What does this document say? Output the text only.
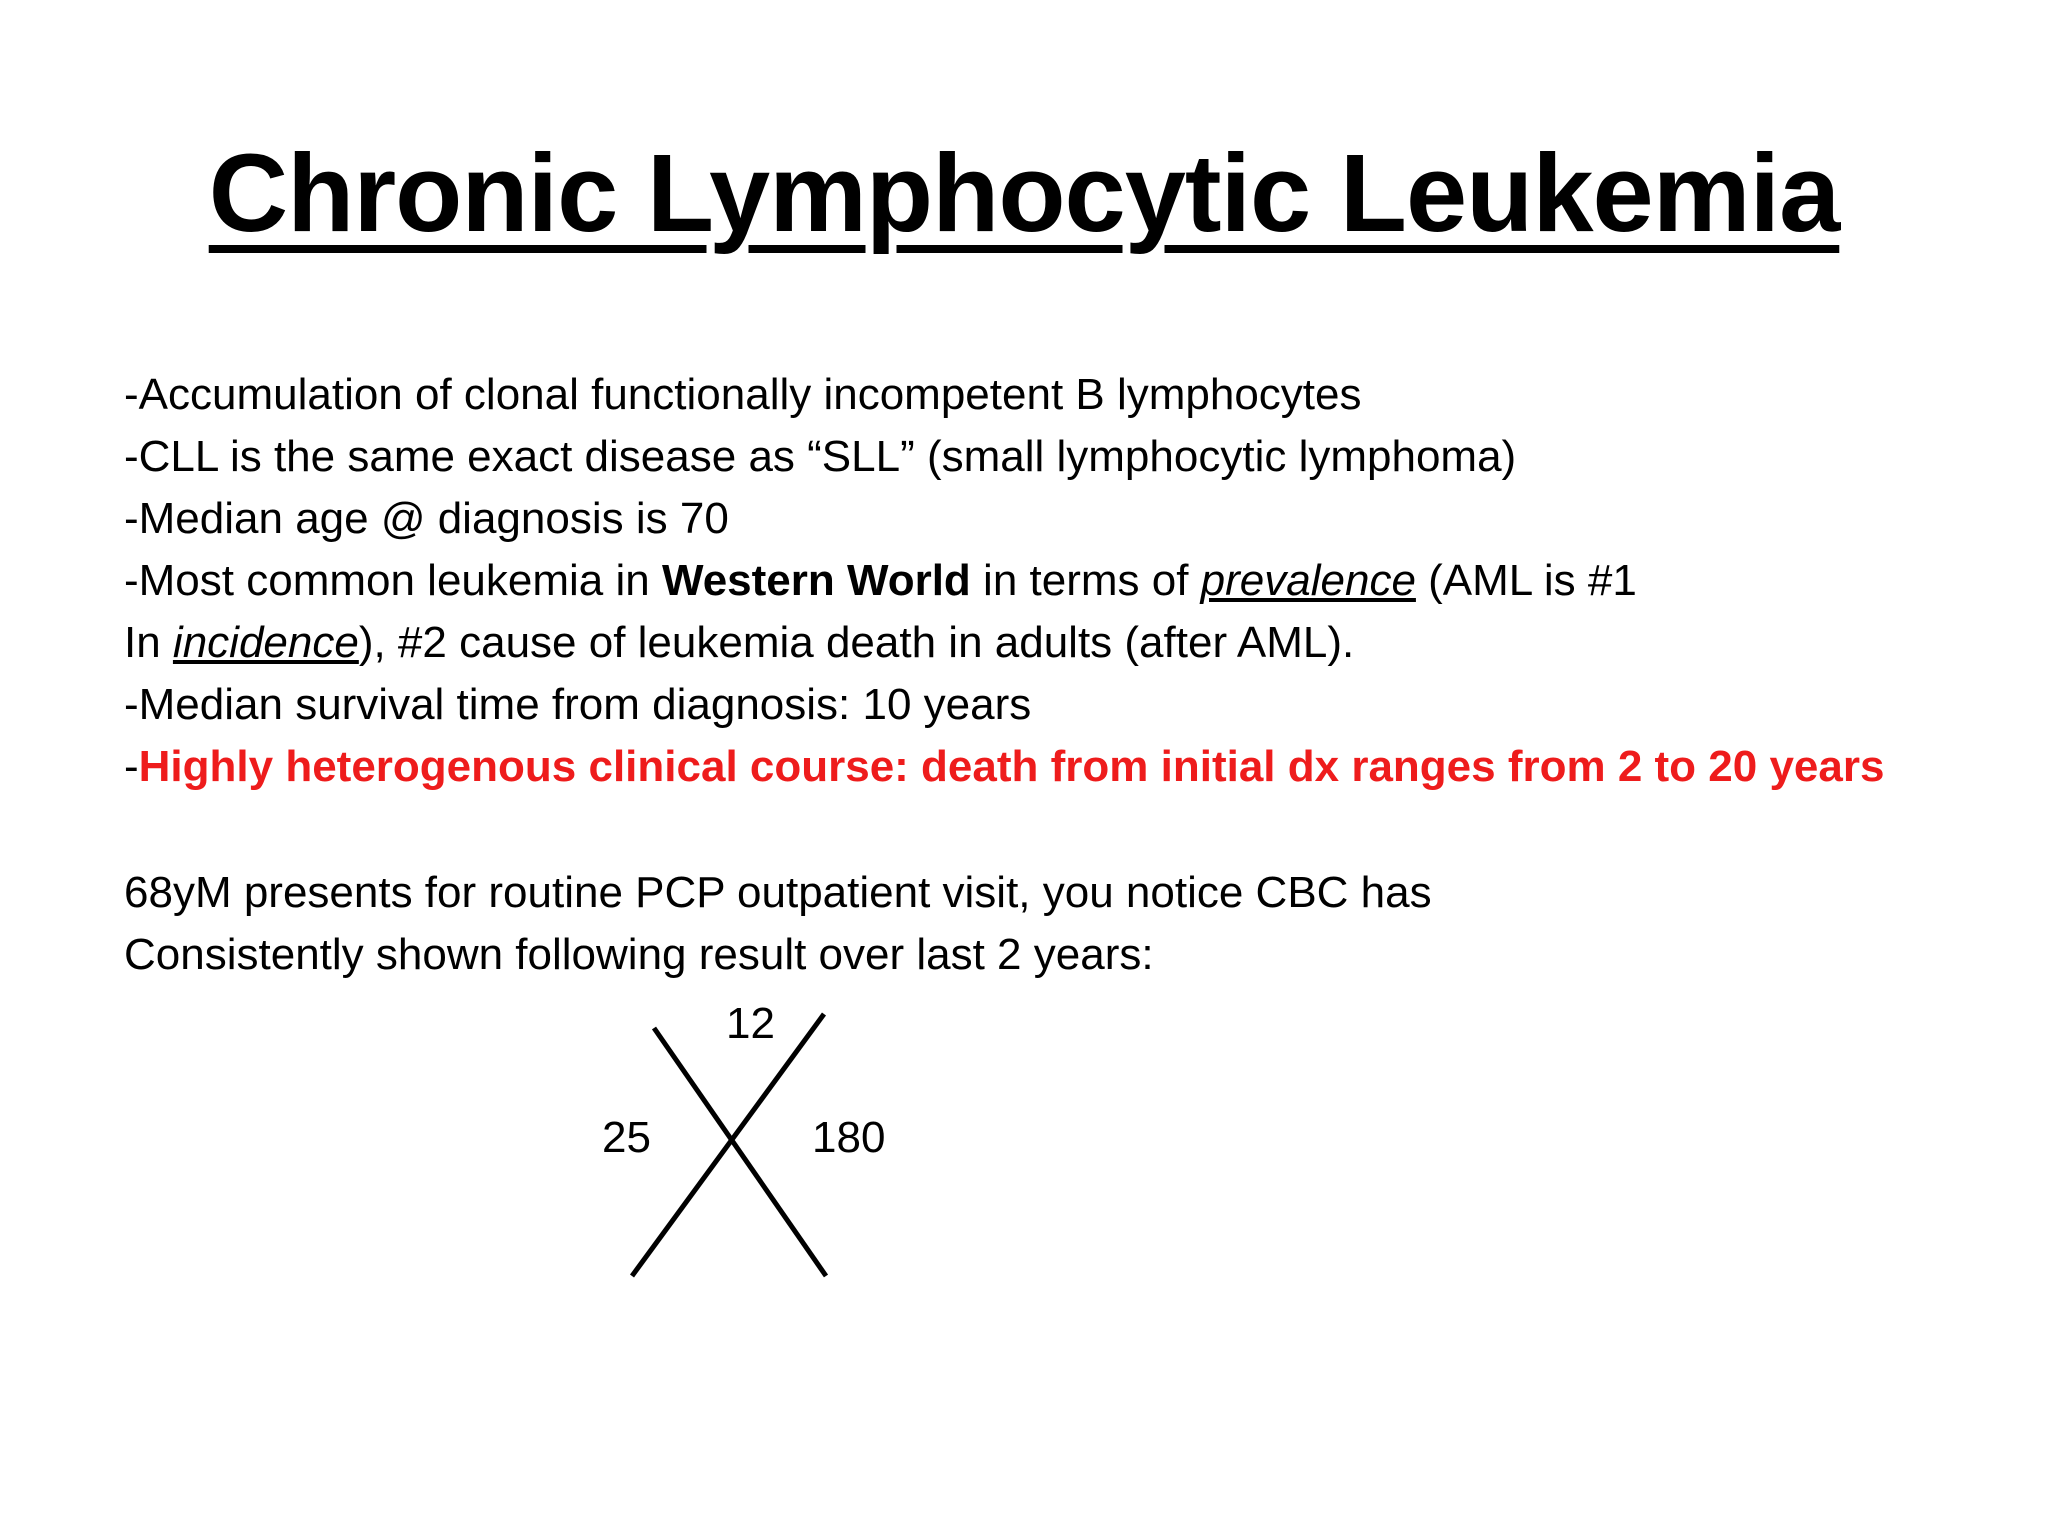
Chronic Lymphocytic Leukemia
-Accumulation of clonal functionally incompetent B lymphocytes
-CLL is the same exact disease as “SLL” (small lymphocytic lymphoma)
-Median age @ diagnosis is 70
-Most common leukemia in Western World in terms of prevalence (AML is #1
In incidence), #2 cause of leukemia death in adults (after AML).
-Median survival time from diagnosis: 10 years
-Highly heterogenous clinical course: death from initial dx ranges from 2 to 20 years
68yM presents for routine PCP outpatient visit, you notice CBC has
Consistently shown following result over last 2 years:
12
25	180
